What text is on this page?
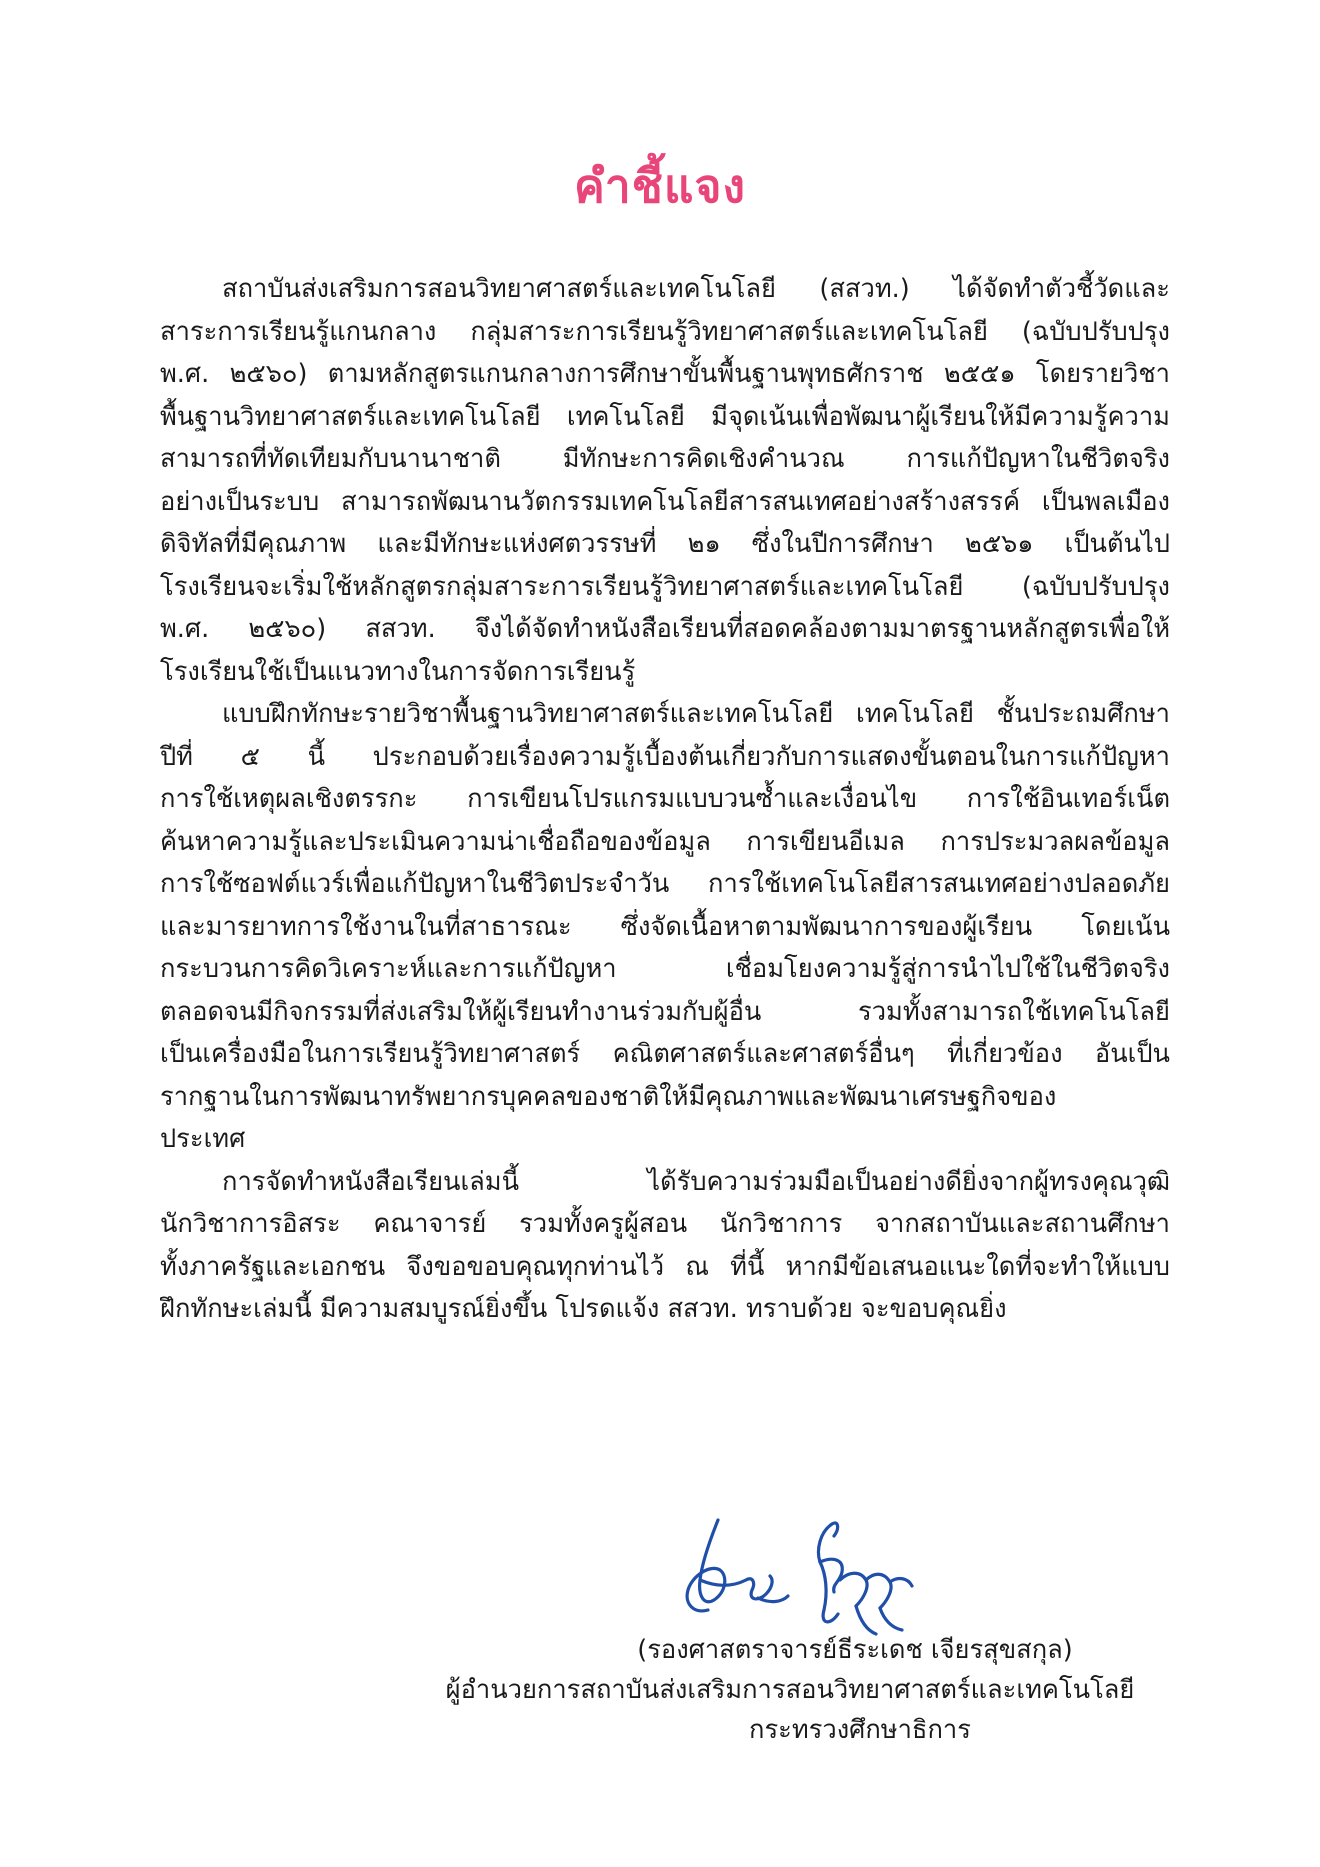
คำชี้แจง
สถาบันส่งเสริมการสอนวิทยาศาสตร์และเทคโนโลยี (สสวท.) ได้จัดทำตัวชี้วัดและ
สาระการเรียนรู้แกนกลาง กลุ่มสาระการเรียนรู้วิทยาศาสตร์และเทคโนโลยี (ฉบับปรับปรุง
พ.ศ. ๒๕๖๐) ตามหลักสูตรแกนกลางการศึกษาขั้นพื้นฐานพุทธศักราช ๒๕๕๑ โดยรายวิชา
พื้นฐานวิทยาศาสตร์และเทคโนโลยี เทคโนโลยี มีจุดเน้นเพื่อพัฒนาผู้เรียนให้มีความรู้ความ
สามารถที่ทัดเทียมกับนานาชาติ มีทักษะการคิดเชิงคำนวณ การแก้ปัญหาในชีวิตจริง
อย่างเป็นระบบ สามารถพัฒนานวัตกรรมเทคโนโลยีสารสนเทศอย่างสร้างสรรค์ เป็นพลเมือง
ดิจิทัลที่มีคุณภาพ และมีทักษะแห่งศตวรรษที่ ๒๑ ซึ่งในปีการศึกษา ๒๕๖๑ เป็นต้นไป
โรงเรียนจะเริ่มใช้หลักสูตรกลุ่มสาระการเรียนรู้วิทยาศาสตร์และเทคโนโลยี (ฉบับปรับปรุง
พ.ศ. ๒๕๖๐) สสวท. จึงได้จัดทำหนังสือเรียนที่สอดคล้องตามมาตรฐานหลักสูตรเพื่อให้
โรงเรียนใช้เป็นแนวทางในการจัดการเรียนรู้
แบบฝึกทักษะรายวิชาพื้นฐานวิทยาศาสตร์และเทคโนโลยี เทคโนโลยี ชั้นประถมศึกษา
ปีที่ ๕ นี้ ประกอบด้วยเรื่องความรู้เบื้องต้นเกี่ยวกับการแสดงขั้นตอนในการแก้ปัญหา
การใช้เหตุผลเชิงตรรกะ การเขียนโปรแกรมแบบวนซ้ำและเงื่อนไข การใช้อินเทอร์เน็ต
ค้นหาความรู้และประเมินความน่าเชื่อถือของข้อมูล การเขียนอีเมล การประมวลผลข้อมูล
การใช้ซอฟต์แวร์เพื่อแก้ปัญหาในชีวิตประจำวัน การใช้เทคโนโลยีสารสนเทศอย่างปลอดภัย
และมารยาทการใช้งานในที่สาธารณะ ซึ่งจัดเนื้อหาตามพัฒนาการของผู้เรียน โดยเน้น
กระบวนการคิดวิเคราะห์และการแก้ปัญหา เชื่อมโยงความรู้สู่การนำไปใช้ในชีวิตจริง
ตลอดจนมีกิจกรรมที่ส่งเสริมให้ผู้เรียนทำงานร่วมกับผู้อื่น รวมทั้งสามารถใช้เทคโนโลยี
เป็นเครื่องมือในการเรียนรู้วิทยาศาสตร์ คณิตศาสตร์และศาสตร์อื่นๆ ที่เกี่ยวข้อง อันเป็น
รากฐานในการพัฒนาทรัพยากรบุคคลของชาติให้มีคุณภาพและพัฒนาเศรษฐกิจของ
ประเทศ
การจัดทำหนังสือเรียนเล่มนี้ ได้รับความร่วมมือเป็นอย่างดียิ่งจากผู้ทรงคุณวุฒิ
นักวิชาการอิสระ คณาจารย์ รวมทั้งครูผู้สอน นักวิชาการ จากสถาบันและสถานศึกษา
ทั้งภาครัฐและเอกชน จึงขอขอบคุณทุกท่านไว้ ณ ที่นี้ หากมีข้อเสนอแนะใดที่จะทำให้แบบ
ฝึกทักษะเล่มนี้ มีความสมบูรณ์ยิ่งขึ้น โปรดแจ้ง สสวท. ทราบด้วย จะขอบคุณยิ่ง
(รองศาสตราจารย์ธีระเดช เจียรสุขสกุล)
ผู้อำนวยการสถาบันส่งเสริมการสอนวิทยาศาสตร์และเทคโนโลยี
กระทรวงศึกษาธิการ
